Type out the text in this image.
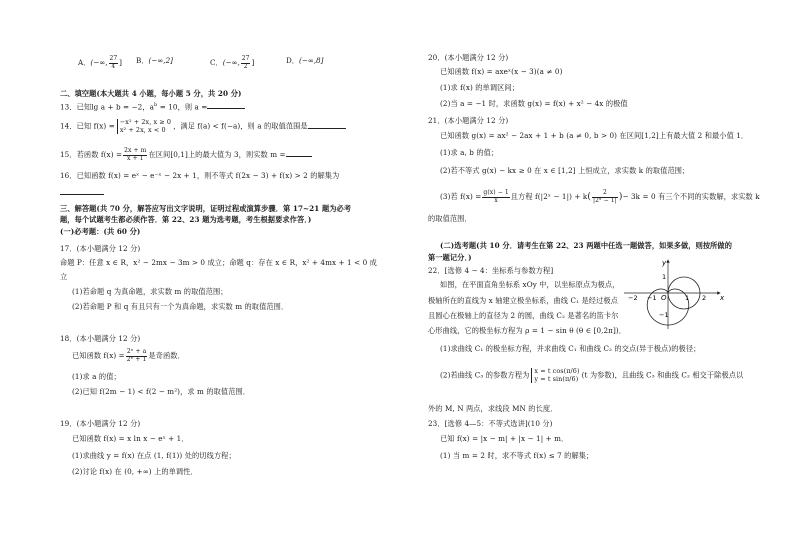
A．(−∞, $\frac{27}{4}$ ] B．(−∞,2]	C．(−∞, $\frac{27}{2}$ ]	D．(−∞,8]
二、填空题(本大题共 4 小题，每小题 5 分，共 20 分)
13．已知lg a + b = −2，$a^b = 10$，则 a =
14．已知 f(x) = −x² + 2x, x ≥ 0
x² + 2x, x < 0	，满足 f(a) < f(−a)，则 a 的取值范围是
15．若函数 $f(x) = \frac{2x + m}{x + 1}$ 在区间[0,1]上的最大值为 3，则实数 m =
16．已知函数 f(x) = eˣ − e⁻ˣ − 2x + 1，则不等式 f(2x − 3) + f(x) > 2 的解集为
三、解答题(共 70 分，解答应写出文字说明，证明过程或演算步骤．第 17~21 题为必考
题，每个试题考生都必须作答．第 22、23 题为选考题，考生根据要求作答．)
(一)必考题：(共 60 分)
17．(本小题满分 12 分)
命题 P：任意 x ∈ R，x² − 2mx − 3m > 0 成立；命题 q：存在 x ∈ R，x² + 4mx + 1 < 0 成
立
(1)若命题 q 为真命题，求实数 m 的取值范围；
(2)若命题 P 和 q 有且只有一个为真命题，求实数 m 的取值范围．
18．(本小题满分 12 分)
已知函数 $f(x) = \frac{\text{2ˣ + a}}{\text{2ˣ + 1}}$ 是奇函数．
(1)求 a 的值；
(2)已知 f(2m − 1) < f(2 − m²)，求 m 的取值范围．
19．(本小题满分 12 分)
已知函数 f(x) = x ln x − eˣ + 1．
(1)求曲线 y = f(x) 在点 (1, f(1)) 处的切线方程；
(2)讨论 f(x) 在 (0, +∞) 上的单调性．
20．(本小题满分 12 分)
已知函数 f(x) = axeˣ(x − 3)(a ≠ 0)
(1)求 f(x) 的单调区间；
(2)当 a = −1 时，求函数 g(x) = f(x) + x² − 4x 的极值
21．(本小题满分 12 分)
已知函数 g(x) = ax² − 2ax + 1 + b (a ≠ 0, b > 0) 在区间[1,2]上有最大值 2 和最小值 1．
(1)求 a, b 的值；
(2)若不等式 g(x) − kx ≥ 0 在 x ∈ [1,2] 上恒成立，求实数 k 的取值范围；
(3)若 $f(x) = \frac{g(x) - 1}{x}$ 且方程 f(|2ˣ − $1|) + k( \frac{2}{\text{|2ˣ − 1|}}$ )− 3k = 0 有三个不同的实数解，求实数 k
的取值范围．
(二)选考题(共 10 分．请考生在第 22、23 两题中任选一题做答，如果多做，则按所做的
第一题记分．)
22．[选修 4 − 4：坐标系与参数方程]
如图，在平面直角坐标系 xOy 中，以坐标原点为极点，
极轴所在的直线为 x 轴建立极坐标系，曲线 C₁ 是经过极点
且圆心在极轴上的直径为 2 的圆，曲线 C₂ 是著名的笛卡尔
心形曲线，它的极坐标方程为 ρ = 1 − sin θ (θ ∈ [0,2π])．
(1)求曲线 C₁ 的极坐标方程，并求曲线 C₁ 和曲线 C₂ 的交点(异于极点)的极径；
(2)若曲线 C₃ 的参数方程为 x = t cos(π/6)
y = t sin(π/6) (t 为参数)，且曲线 C₃ 和曲线 C₂ 相交于除极点以
外的 M, N 两点，求线段 MN 的长度．
23．[选修 4—5：不等式选讲](10 分)
已知 f(x) = |x − m| + |x − 1| + m．
(1) 当 m = 2 时，求不等式 f(x) ≤ 7 的解集；
y
x
O
−2 −1	1 2
1
−1
